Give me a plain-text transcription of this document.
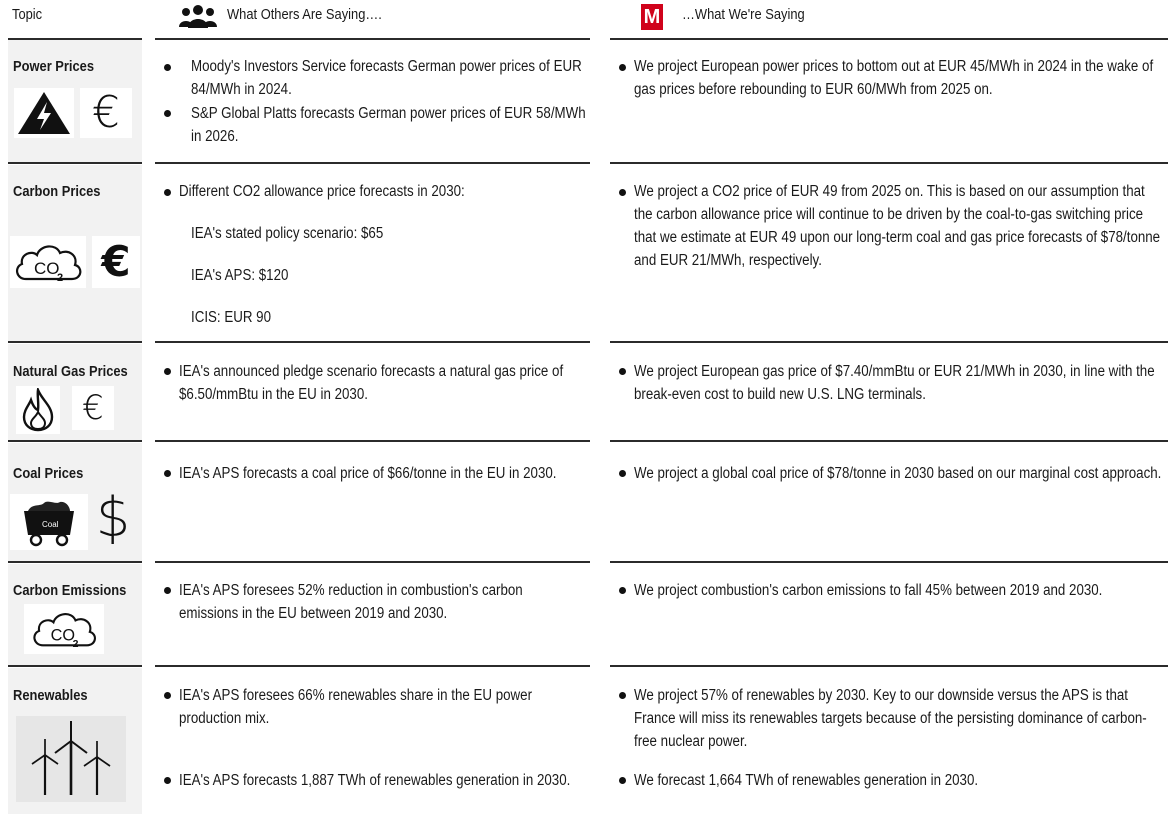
Topic	What Others Are Saying….	M …What We're Saying
Power Prices
Carbon Prices
Natural Gas Prices
Coal Prices
Carbon Emissions
Renewables
€
CO
2 €
€
Coal $
CO
2
Moody's Investors Service forecasts German power prices of EUR 84/MWh in 2024.
S&P Global Platts forecasts German power prices of EUR 58/MWh in 2026.
Different CO2 allowance price forecasts in 2030:
IEA's stated policy scenario: $65
IEA's APS: $120
ICIS: EUR 90
IEA's announced pledge scenario forecasts a natural gas price of $6.50/mmBtu in the EU in 2030.
IEA's APS forecasts a coal price of $66/tonne in the EU in 2030.
IEA's APS foresees 52% reduction in combustion's carbon emissions in the EU between 2019 and 2030.
IEA's APS foresees 66% renewables share in the EU power production mix.
IEA's APS forecasts 1,887 TWh of renewables generation in 2030.
We project European power prices to bottom out at EUR 45/MWh in 2024 in the wake of gas prices before rebounding to EUR 60/MWh from 2025 on.
We project a CO2 price of EUR 49 from 2025 on. This is based on our assumption that the carbon allowance price will continue to be driven by the coal-to-gas switching price that we estimate at EUR 49 upon our long-term coal and gas price forecasts of $78/tonne and EUR 21/MWh, respectively.
We project European gas price of $7.40/mmBtu or EUR 21/MWh in 2030, in line with the break-even cost to build new U.S. LNG terminals.
We project a global coal price of $78/tonne in 2030 based on our marginal cost approach.
We project combustion's carbon emissions to fall 45% between 2019 and 2030.
We project 57% of renewables by 2030. Key to our downside versus the APS is that France will miss its renewables targets because of the persisting dominance of carbon-free nuclear power.
We forecast 1,664 TWh of renewables generation in 2030.
